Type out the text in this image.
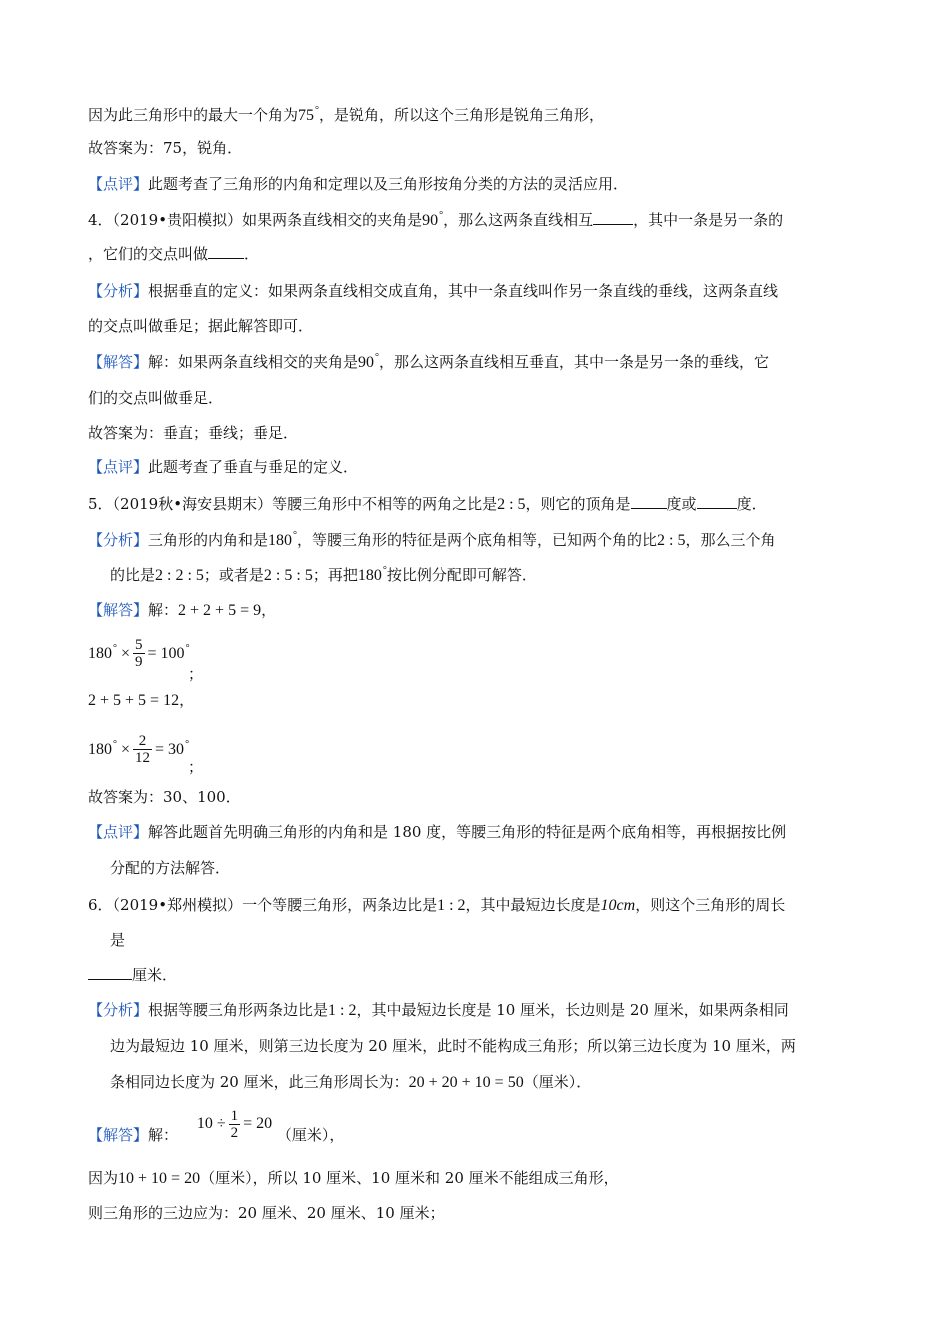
因为此三角形中的最大一个角为75°，是锐角，所以这个三角形是锐角三角形，
故答案为：75，锐角．
【点评】此题考查了三角形的内角和定理以及三角形按角分类的方法的灵活应用．
4．（2019•贵阳模拟）如果两条直线相交的夹角是90°，那么这两条直线相互	，其中一条是另一条的
，它们的交点叫做 ．
【分析】根据垂直的定义：如果两条直线相交成直角，其中一条直线叫作另一条直线的垂线，这两条直线
的交点叫做垂足；据此解答即可．
【解答】解：如果两条直线相交的夹角是90°，那么这两条直线相互垂直，其中一条是另一条的垂线，它
们的交点叫做垂足．
故答案为：垂直；垂线；垂足．
【点评】此题考查了垂直与垂足的定义．
5．（2019秋•海安县期末）等腰三角形中不相等的两角之比是2 : 5，则它的顶角是 度或	度．
【分析】三角形的内角和是180°，等腰三角形的特征是两个底角相等，已知两个角的比2 : 5，那么三个角
的比是2 : 2 : 5；或者是2 : 5 : 5；再把180°按比例分配即可解答．
【解答】解：2 + 2 + 5 = 9，
$180^\circ \times \frac{5}{9} = 100^\circ$
；
2 + 5 + 5 = 12，
$180^\circ \times \frac{2}{12} = 30^\circ$
；
故答案为：30、100．
【点评】解答此题首先明确三角形的内角和是 180 度，等腰三角形的特征是两个底角相等，再根据按比例
分配的方法解答．
6．（2019•郑州模拟）一个等腰三角形，两条边比是1 : 2，其中最短边长度是10cm，则这个三角形的周长
是
厘米．
【分析】根据等腰三角形两条边比是1 : 2，其中最短边长度是 10 厘米，长边则是 20 厘米，如果两条相同
边为最短边 10 厘米，则第三边长度为 20 厘米，此时不能构成三角形；所以第三边长度为 10 厘米，两
条相同边长度为 20 厘米，此三角形周长为：20 + 20 + 10 = 50（厘米）．
【解答】解： $10 \div \frac{1}{2} = 20$ （厘米），
因为10 + 10 = 20（厘米），所以 10 厘米、10 厘米和 20 厘米不能组成三角形，
则三角形的三边应为：20 厘米、20 厘米、10 厘米；
